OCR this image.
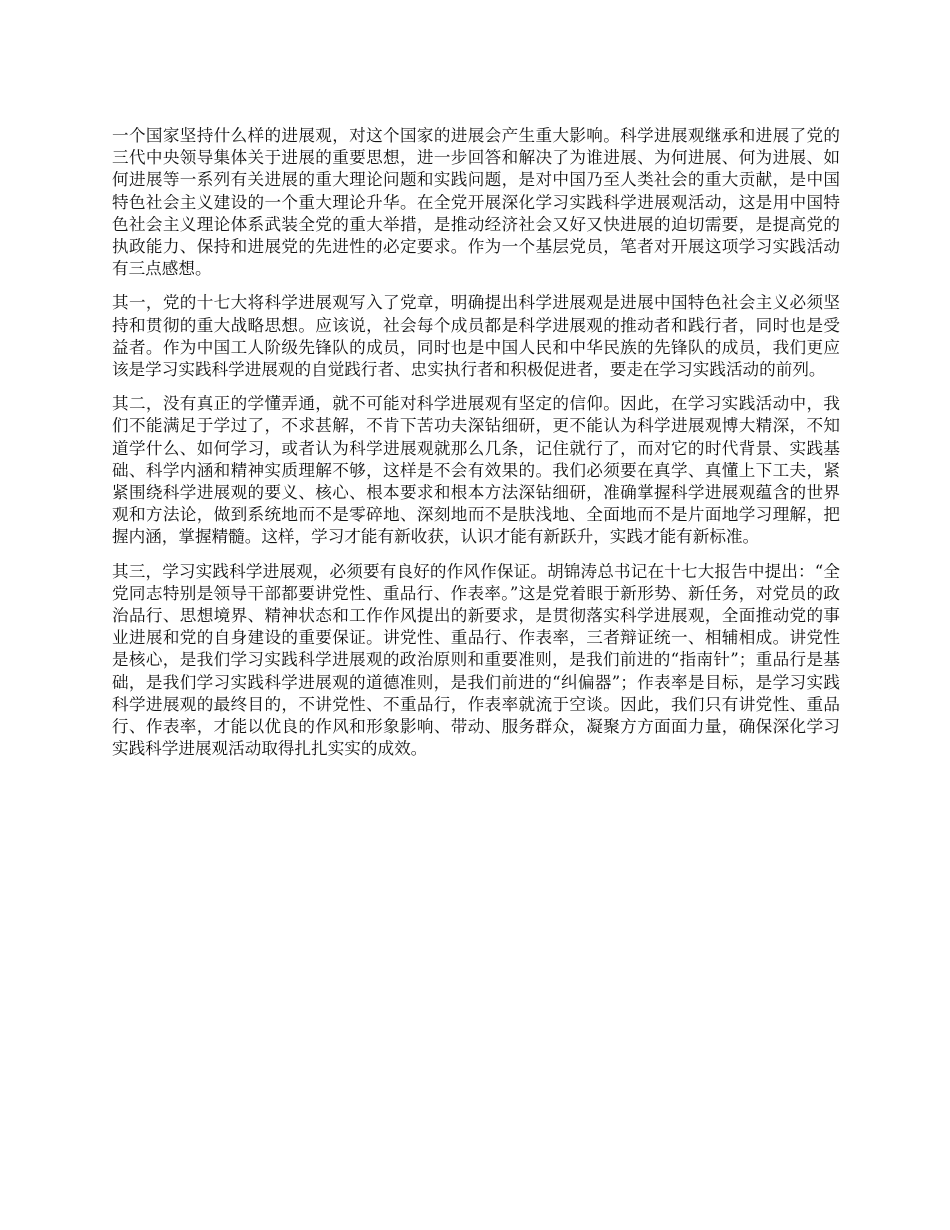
一个国家坚持什么样的进展观，对这个国家的进展会产生重大影响。科学进展观继承和进展了党的三代中央领导集体关于进展的重要思想，进一步回答和解决了为谁进展、为何进展、何为进展、如何进展等一系列有关进展的重大理论问题和实践问题，是对中国乃至人类社会的重大贡献，是中国特色社会主义建设的一个重大理论升华。在全党开展深化学习实践科学进展观活动，这是用中国特色社会主义理论体系武装全党的重大举措，是推动经济社会又好又快进展的迫切需要，是提高党的执政能力、保持和进展党的先进性的必定要求。作为一个基层党员，笔者对开展这项学习实践活动有三点感想。

其一，党的十七大将科学进展观写入了党章，明确提出科学进展观是进展中国特色社会主义必须坚持和贯彻的重大战略思想。应该说，社会每个成员都是科学进展观的推动者和践行者，同时也是受益者。作为中国工人阶级先锋队的成员，同时也是中国人民和中华民族的先锋队的成员，我们更应该是学习实践科学进展观的自觉践行者、忠实执行者和积极促进者，要走在学习实践活动的前列。

其二，没有真正的学懂弄通，就不可能对科学进展观有坚定的信仰。因此，在学习实践活动中，我们不能满足于学过了，不求甚解，不肯下苦功夫深钻细研，更不能认为科学进展观博大精深，不知道学什么、如何学习，或者认为科学进展观就那么几条，记住就行了，而对它的时代背景、实践基础、科学内涵和精神实质理解不够，这样是不会有效果的。我们必须要在真学、真懂上下工夫，紧紧围绕科学进展观的要义、核心、根本要求和根本方法深钻细研，准确掌握科学进展观蕴含的世界观和方法论，做到系统地而不是零碎地、深刻地而不是肤浅地、全面地而不是片面地学习理解，把握内涵，掌握精髓。这样，学习才能有新收获，认识才能有新跃升，实践才能有新标准。

其三，学习实践科学进展观，必须要有良好的作风作保证。胡锦涛总书记在十七大报告中提出：“全党同志特别是领导干部都要讲党性、重品行、作表率。”这是党着眼于新形势、新任务，对党员的政治品行、思想境界、精神状态和工作作风提出的新要求，是贯彻落实科学进展观，全面推动党的事业进展和党的自身建设的重要保证。讲党性、重品行、作表率，三者辩证统一、相辅相成。讲党性是核心，是我们学习实践科学进展观的政治原则和重要准则，是我们前进的“指南针”；重品行是基础，是我们学习实践科学进展观的道德准则，是我们前进的“纠偏器”；作表率是目标，是学习实践科学进展观的最终目的，不讲党性、不重品行，作表率就流于空谈。因此，我们只有讲党性、重品行、作表率，才能以优良的作风和形象影响、带动、服务群众，凝聚方方面面力量，确保深化学习实践科学进展观活动取得扎扎实实的成效。
